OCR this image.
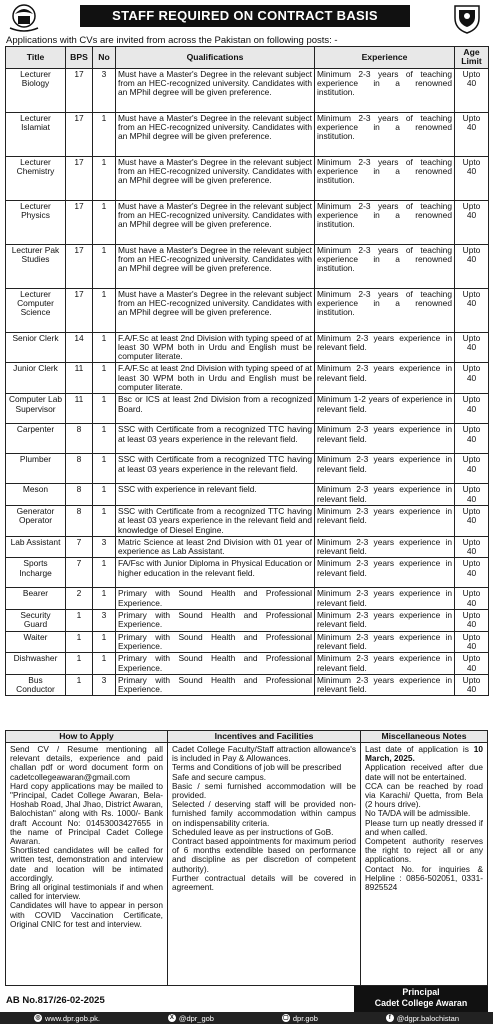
STAFF REQUIRED ON CONTRACT BASIS
Applications with CVs are invited from across the Pakistan on following posts: -
Title	BPS	No	Qualifications	Experience	Age Limit
Lecturer Biology	17	3	Must have a Master's Degree in the relevant subject from an HEC-recognized university. Candidates with an MPhil degree will be given preference.	Minimum 2-3 years of teaching experience in a renowned institution.	Upto 40
Lecturer Islamiat	17	1	Must have a Master's Degree in the relevant subject from an HEC-recognized university. Candidates with an MPhil degree will be given preference.	Minimum 2-3 years of teaching experience in a renowned institution.	Upto 40
Lecturer Chemistry	17	1	Must have a Master's Degree in the relevant subject from an HEC-recognized university. Candidates with an MPhil degree will be given preference.	Minimum 2-3 years of teaching experience in a renowned institution.	Upto 40
Lecturer Physics	17	1	Must have a Master's Degree in the relevant subject from an HEC-recognized university. Candidates with an MPhil degree will be given preference.	Minimum 2-3 years of teaching experience in a renowned institution.	Upto 40
Lecturer Pak Studies	17	1	Must have a Master's Degree in the relevant subject from an HEC-recognized university. Candidates with an MPhil degree will be given preference.	Minimum 2-3 years of teaching experience in a renowned institution.	Upto 40
Lecturer Computer Science	17	1	Must have a Master's Degree in the relevant subject from an HEC-recognized university. Candidates with an MPhil degree will be given preference.	Minimum 2-3 years of teaching experience in a renowned institution.	Upto 40
Senior Clerk	14	1	F.A/F.Sc at least 2nd Division with typing speed of at least 30 WPM both in Urdu and English must be computer literate.	Minimum 2-3 years experience in relevant field.	Upto 40
Junior Clerk	11	1	F.A/F.Sc at least 2nd Division with typing speed of at least 30 WPM both in Urdu and English must be computer literate.	Minimum 2-3 years experience in relevant field.	Upto 40
Computer Lab Supervisor	11	1	Bsc or ICS at least 2nd Division from a recognized Board.	Minimum 1-2 years of experience in relevant field.	Upto 40
Carpenter	8	1	SSC with Certificate from a recognized TTC having at least 03 years experience in the relevant field.	Minimum 2-3 years experience in relevant field.	Upto 40
Plumber	8	1	SSC with Certificate from a recognized TTC having at least 03 years experience in the relevant field.	Minimum 2-3 years experience in relevant field.	Upto 40
Meson	8	1	SSC with experience in relevant field.	Minimum 2-3 years experience in relevant field.	Upto 40
Generator Operator	8	1	SSC with Certificate from a recognized TTC having at least 03 years experience in the relevant field and knowledge of Diesel Engine.	Minimum 2-3 years experience in relevant field.	Upto 40
Lab Assistant	7	3	Matric Science at least 2nd Division with 01 year of experience as Lab Assistant.	Minimum 2-3 years experience in relevant field.	Upto 40
Sports Incharge	7	1	FA/Fsc with Junior Diploma in Physical Education or higher education in the relevant field.	Minimum 2-3 years experience in relevant field.	Upto 40
Bearer	2	1	Primary with Sound Health and Professional Experience.	Minimum 2-3 years experience in relevant field.	Upto 40
Security Guard	1	3	Primary with Sound Health and Professional Experience.	Minimum 2-3 years experience in relevant field.	Upto 40
Waiter	1	1	Primary with Sound Health and Professional Experience.	Minimum 2-3 years experience in relevant field.	Upto 40
Dishwasher	1	1	Primary with Sound Health and Professional Experience.	Minimum 2-3 years experience in relevant field.	Upto 40
Bus Conductor	1	3	Primary with Sound Health and Professional Experience.	Minimum 2-3 years experience in relevant field.	Upto 40
How to Apply

Send CV / Resume mentioning all relevant details, experience and paid challan pdf or word document form on cadetcollegeawaran@gmail.com

Hard copy applications may be mailed to "Principal, Cadet College Awaran, Bela-Hoshab Road, Jhal Jhao, District Awaran, Balochistan" along with Rs. 1000/- Bank draft Account No: 01453003427655 in the name of Principal Cadet College Awaran.

Shortlisted candidates will be called for written test, demonstration and interview date and location will be intimated accordingly.

Bring all original testimonials if and when called for interview.

Candidates will have to appear in person with COVID Vaccination Certificate, Original CNIC for test and interview.

Incentives and Facilities

Cadet College Faculty/Staff attraction allowance's is included in Pay & Allowances.

Terms and Conditions of job will be prescribed

Safe and secure campus.

Basic / semi furnished accommodation will be provided.

Selected / deserving staff will be provided non-furnished family accommodation within campus on indispensability criteria.

Scheduled leave as per instructions of GoB.

Contract based appointments for maximum period of 6 months extendible based on performance and discipline as per discretion of competent authority).

Further contractual details will be covered in agreement.

Miscellaneous Notes

Last date of application is 10 March, 2025.

Application received after due date will not be entertained.

CCA can be reached by road via Karachi/ Quetta, from Bela (2 hours drive).

No TA/DA will be admissible.

Please turn up neatly dressed if and when called.

Competent authority reserves the right to reject all or any applications.

Contact No. for inquiries & Helpline : 0856-502051, 0331-8925524

AB No.817/26-02-2025
Principal
Cadet College Awaran
◎ www.dpr.gob.pk.	X @dpr_gob	▢ dpr.gob	f @dgpr.balochistan
